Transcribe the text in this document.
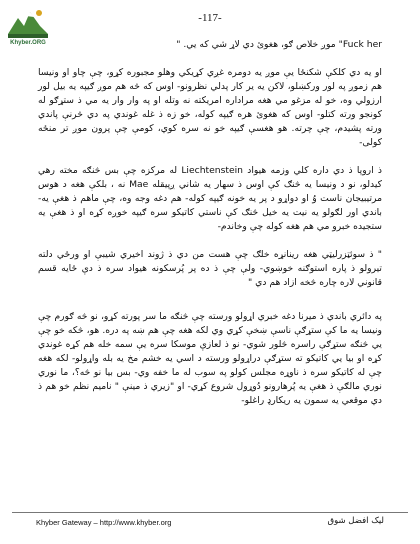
Khyber.ORG
-117-

Fuck her" موږ خلاص ګو، هغوئ دي لاړ شي که يي. "

او يه دي کلکې شکنځا يې موږ يه دومره غږي کړيکي وهلو مجبوره کړو، چې چاو او ونيسا هم زموږ په لور ورکښلو، لاکن يه ير کار پدلي نظرونو- اوس که څه هم موږ ګيپه يه بيل لور ارزولي وه، خو له مزغو مي هغه مراداره امريکته نه وتله او په وار وار يه مي ذ ستړګو له کونجو ورته کتلو- اوس که هغوئ هره ګيپه کوله، خو زه ذ غله غوندي په دي څرنې پاندي ورته پشيدم، چې چرته. هو هغسې ګيپه خو نه سره کوي، کومې چې پرون موږ تر منځه کولی-

ذ اروپا ذ دي داره کلي وزمه هيواد Liechtenstein له مرکزه چې بس څنګه مخته رهي کيدلو، نو د ونيسا يه څنګ کې اوس ذ سهار يه شاني ږپيقله Mae نه ، بلکې هغه د هوس مرتيبيجان ناست وُ او دواړو د پر يه خونه ګيپه کوله- هم دغه وجه وه، چې ماهم ذ هغې يه- باندي اور لګولو يه نيت يه خيل څنګ کې ناستي کاتيکو سره ګيپه خوږه کړه او ذ هغې يه ستجيده خبرو مي هم هغه کوله چې وخاندم-

" ذ سوئټزرليټي هغه رينانړه خلګ چې هست من دي ذ ژوند اخيري شيبې او ورځي دلته تيرولو ذ پاره استوګنه خوښوي- ولې چې ذ ده پر پُرسکونه هيواد سره ذ دې ځايه قسم قانوني لاره چاره څخه ازاد هم دي "

په دائري باندي ذ ميرنا دغه خبري اړولو ورسته چې څنګه ما سر پورته کړو، نو څه ګورم چې ونيسا يه ما کې ستړګې ناسې ښخې کړي وي لکه هغه چې هم ښه په دره. هو، څکه خو چې يي څنګه ستړګې راسره څلور شوي- نو ذ لعازې موسکا سره يې سمه خله هم کړه غوندي کړه او بيا يي کاتيکو ته ستړګې دراړولو ورسته د اسي يه خشم مخ يه بله واړولو- لکه هغه چې له کاتيکو سره ذ ناوړه مجلس کولو په سوب له ما خفه وي- بس بيا نو څه؟، ما نوري نوري مالګې ذ هغې يه پُرهارونو دُوړول شروع کړي- او "زيري ذ مينې " ناميم نظم خو هم ذ دي موقعي يه سمون يه ريکارډ راغلو-

Khyber Gateway – http://www.khyber.org	ليک افضل شوق
